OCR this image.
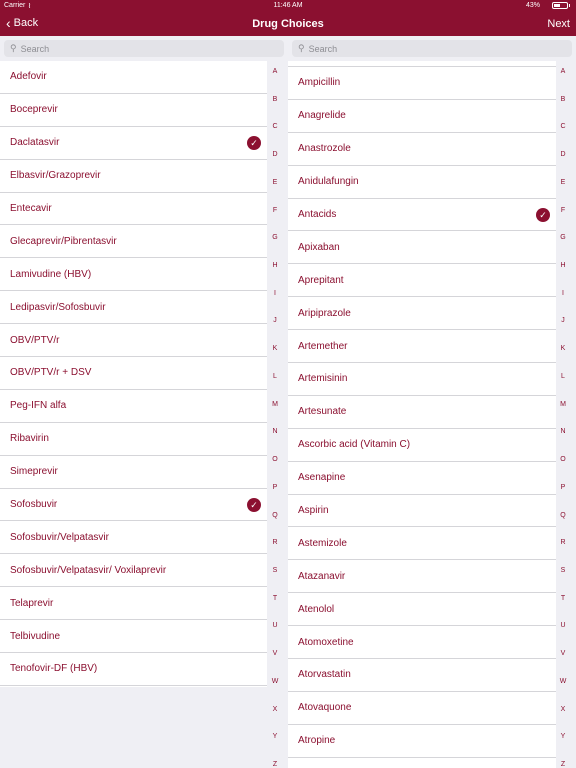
Carrier ≀	11:46 AM	43%
‹ Back	Drug Choices	Next
⚲
Search	⚲
Search
Adefovir
Boceprevir
Daclatasvir	✓
Elbasvir/Grazoprevir
Entecavir
Glecaprevir/Pibrentasvir
Lamivudine (HBV)
Ledipasvir/Sofosbuvir
OBV/PTV/r
OBV/PTV/r + DSV
Peg-IFN alfa
Ribavirin
Simeprevir
Sofosbuvir	✓
Sofosbuvir/Velpatasvir
Sofosbuvir/Velpatasvir/ Voxilaprevir
Telaprevir
Telbivudine
Tenofovir-DF (HBV)
A
B
C
D
E
F
G
H
I
J
K
L
M
N
O
P
Q
R
S
T
U
V
W
X
Y
Z
Ampicillin
Anagrelide
Anastrozole
Anidulafungin
Antacids	✓
Apixaban
Aprepitant
Aripiprazole
Artemether
Artemisinin
Artesunate
Ascorbic acid (Vitamin C)
Asenapine
Aspirin
Astemizole
Atazanavir
Atenolol
Atomoxetine
Atorvastatin
Atovaquone
Atropine
A
B
C
D
E
F
G
H
I
J
K
L
M
N
O
P
Q
R
S
T
U
V
W
X
Y
Z
